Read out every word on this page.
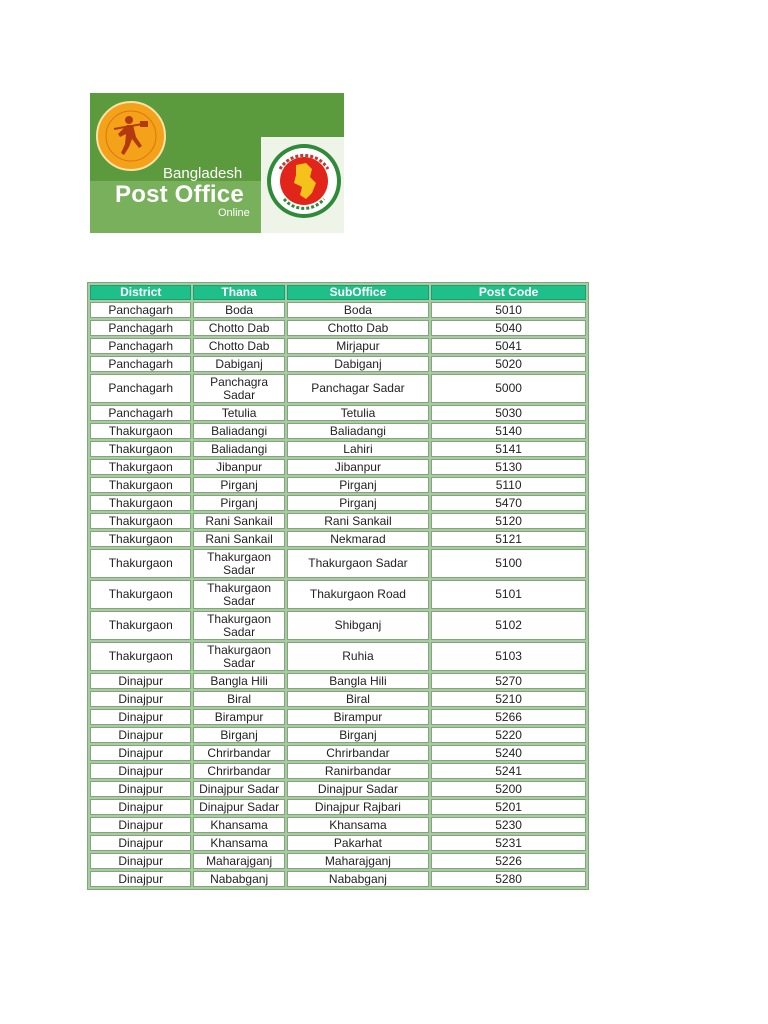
Bangladesh
Post Office
Online
District	Thana	SubOffice	Post Code
Panchagarh	Boda	Boda	5010
Panchagarh	Chotto Dab	Chotto Dab	5040
Panchagarh	Chotto Dab	Mirjapur	5041
Panchagarh	Dabiganj	Dabiganj	5020
Panchagarh	Panchagra Sadar	Panchagar Sadar	5000
Panchagarh	Tetulia	Tetulia	5030
Thakurgaon	Baliadangi	Baliadangi	5140
Thakurgaon	Baliadangi	Lahiri	5141
Thakurgaon	Jibanpur	Jibanpur	5130
Thakurgaon	Pirganj	Pirganj	5110
Thakurgaon	Pirganj	Pirganj	5470
Thakurgaon	Rani Sankail	Rani Sankail	5120
Thakurgaon	Rani Sankail	Nekmarad	5121
Thakurgaon	Thakurgaon Sadar	Thakurgaon Sadar	5100
Thakurgaon	Thakurgaon Sadar	Thakurgaon Road	5101
Thakurgaon	Thakurgaon Sadar	Shibganj	5102
Thakurgaon	Thakurgaon Sadar	Ruhia	5103
Dinajpur	Bangla Hili	Bangla Hili	5270
Dinajpur	Biral	Biral	5210
Dinajpur	Birampur	Birampur	5266
Dinajpur	Birganj	Birganj	5220
Dinajpur	Chrirbandar	Chrirbandar	5240
Dinajpur	Chrirbandar	Ranirbandar	5241
Dinajpur	Dinajpur Sadar	Dinajpur Sadar	5200
Dinajpur	Dinajpur Sadar	Dinajpur Rajbari	5201
Dinajpur	Khansama	Khansama	5230
Dinajpur	Khansama	Pakarhat	5231
Dinajpur	Maharajganj	Maharajganj	5226
Dinajpur	Nababganj	Nababganj	5280
